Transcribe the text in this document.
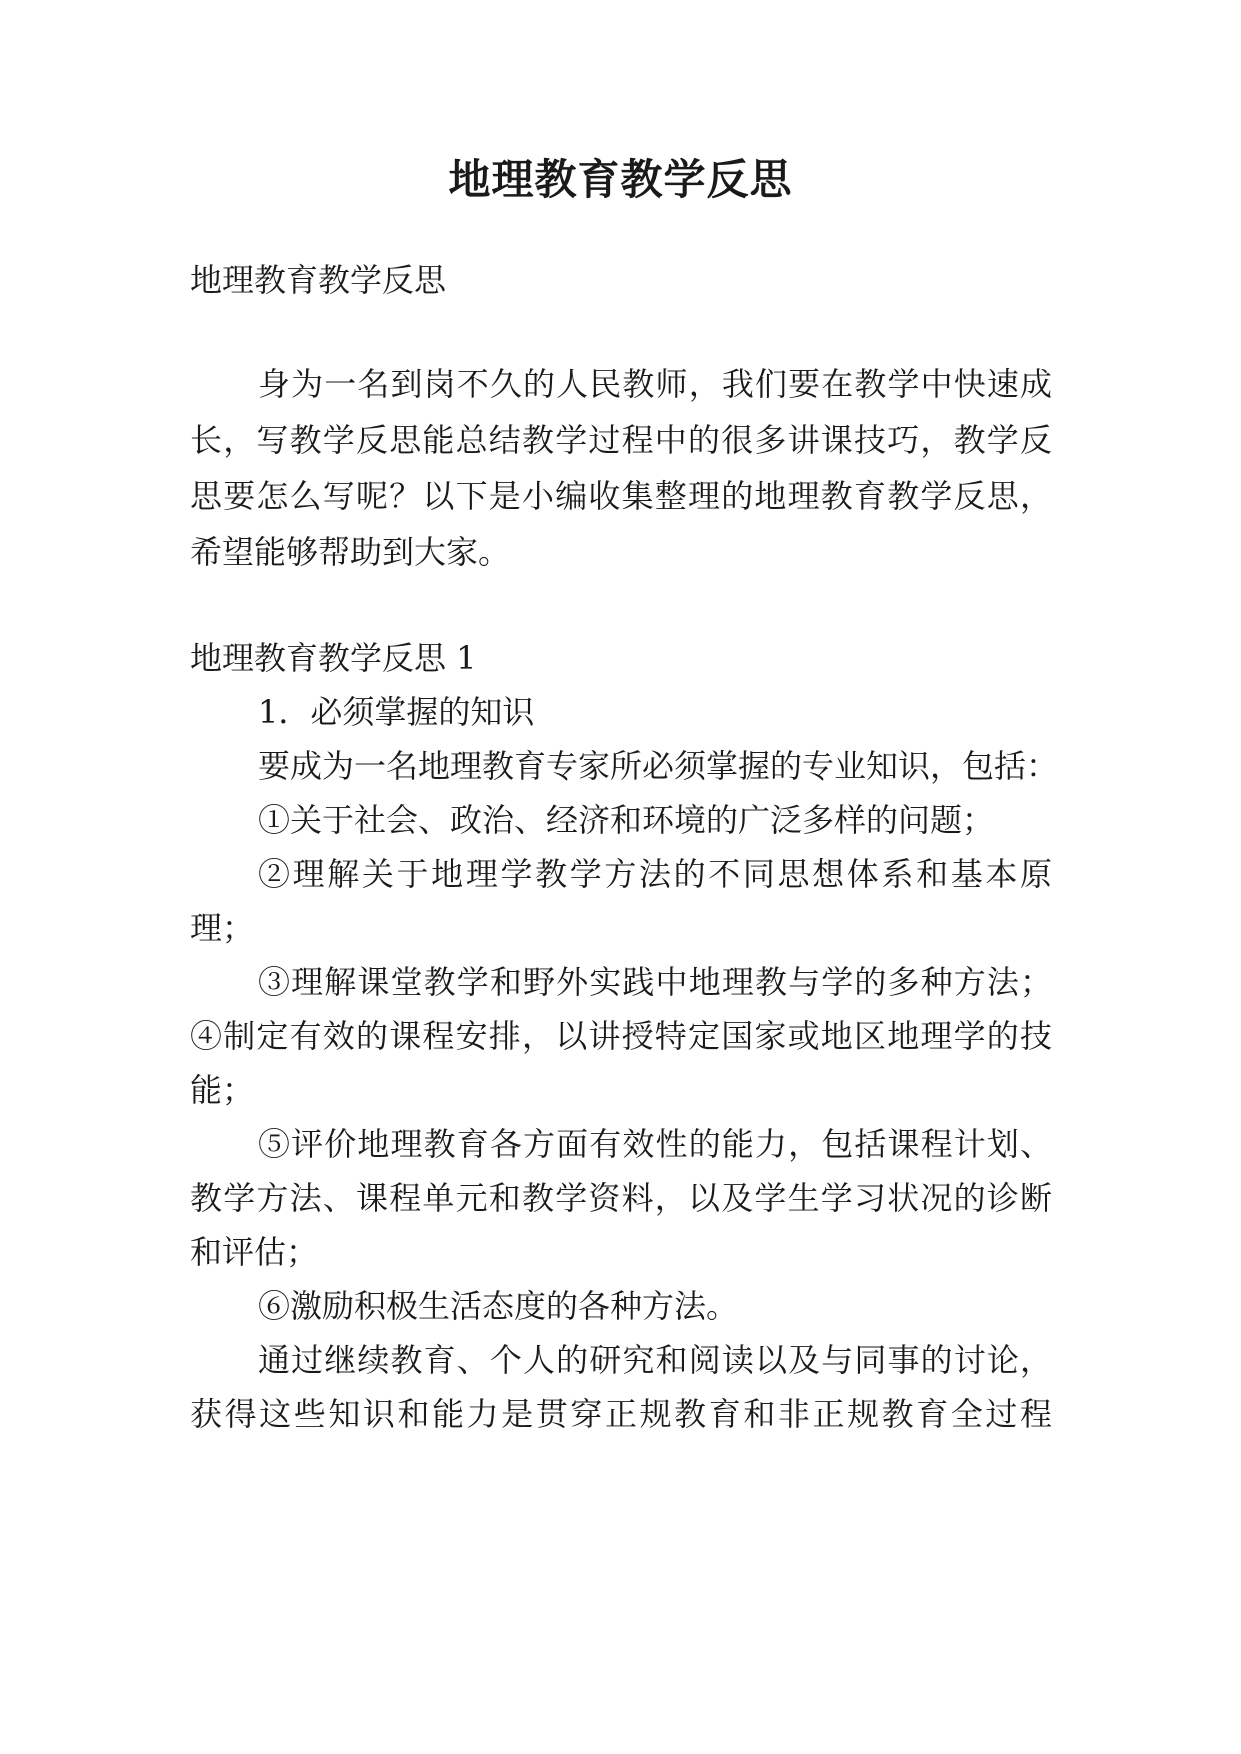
地理教育教学反思

地理教育教学反思

身为一名到岗不久的人民教师，我们要在教学中快速成

长，写教学反思能总结教学过程中的很多讲课技巧，教学反

思要怎么写呢？以下是小编收集整理的地理教育教学反思，

希望能够帮助到大家。

地理教育教学反思 1

1．必须掌握的知识

要成为一名地理教育专家所必须掌握的专业知识，包括：

①关于社会、政治、经济和环境的广泛多样的问题；

②理解关于地理学教学方法的不同思想体系和基本原

理；

③理解课堂教学和野外实践中地理教与学的多种方法；

④制定有效的课程安排，以讲授特定国家或地区地理学的技

能；

⑤评价地理教育各方面有效性的能力，包括课程计划、

教学方法、课程单元和教学资料，以及学生学习状况的诊断

和评估；

⑥激励积极生活态度的各种方法。

通过继续教育、个人的研究和阅读以及与同事的讨论，

获得这些知识和能力是贯穿正规教育和非正规教育全过程
